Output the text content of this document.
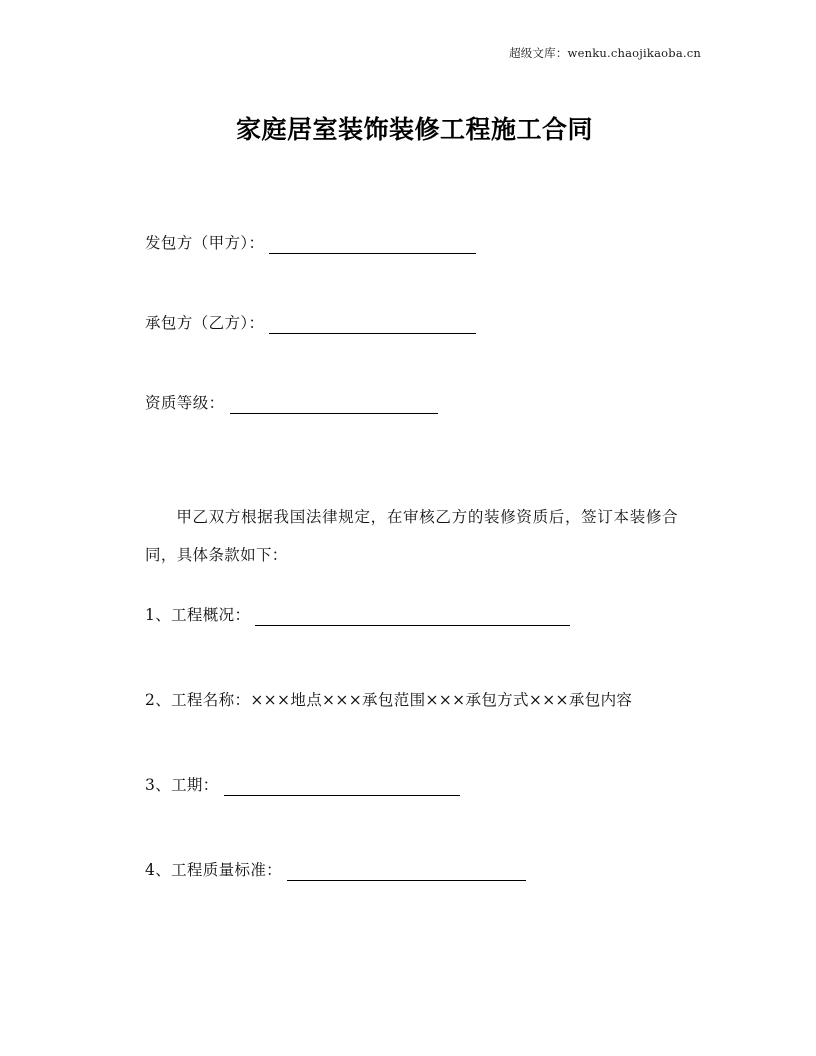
超级文库：wenku.chaojikaoba.cn
家庭居室装饰装修工程施工合同
发包方（甲方）：
承包方（乙方）：
资质等级：

甲乙双方根据我国法律规定，在审核乙方的装修资质后，签订本装修合同，具体条款如下：

1、 工程概况：
2、 工程名称： ×××地点×××承包范围×××承包方式×××承包内容
3、 工期：
4、 工程质量标准：
